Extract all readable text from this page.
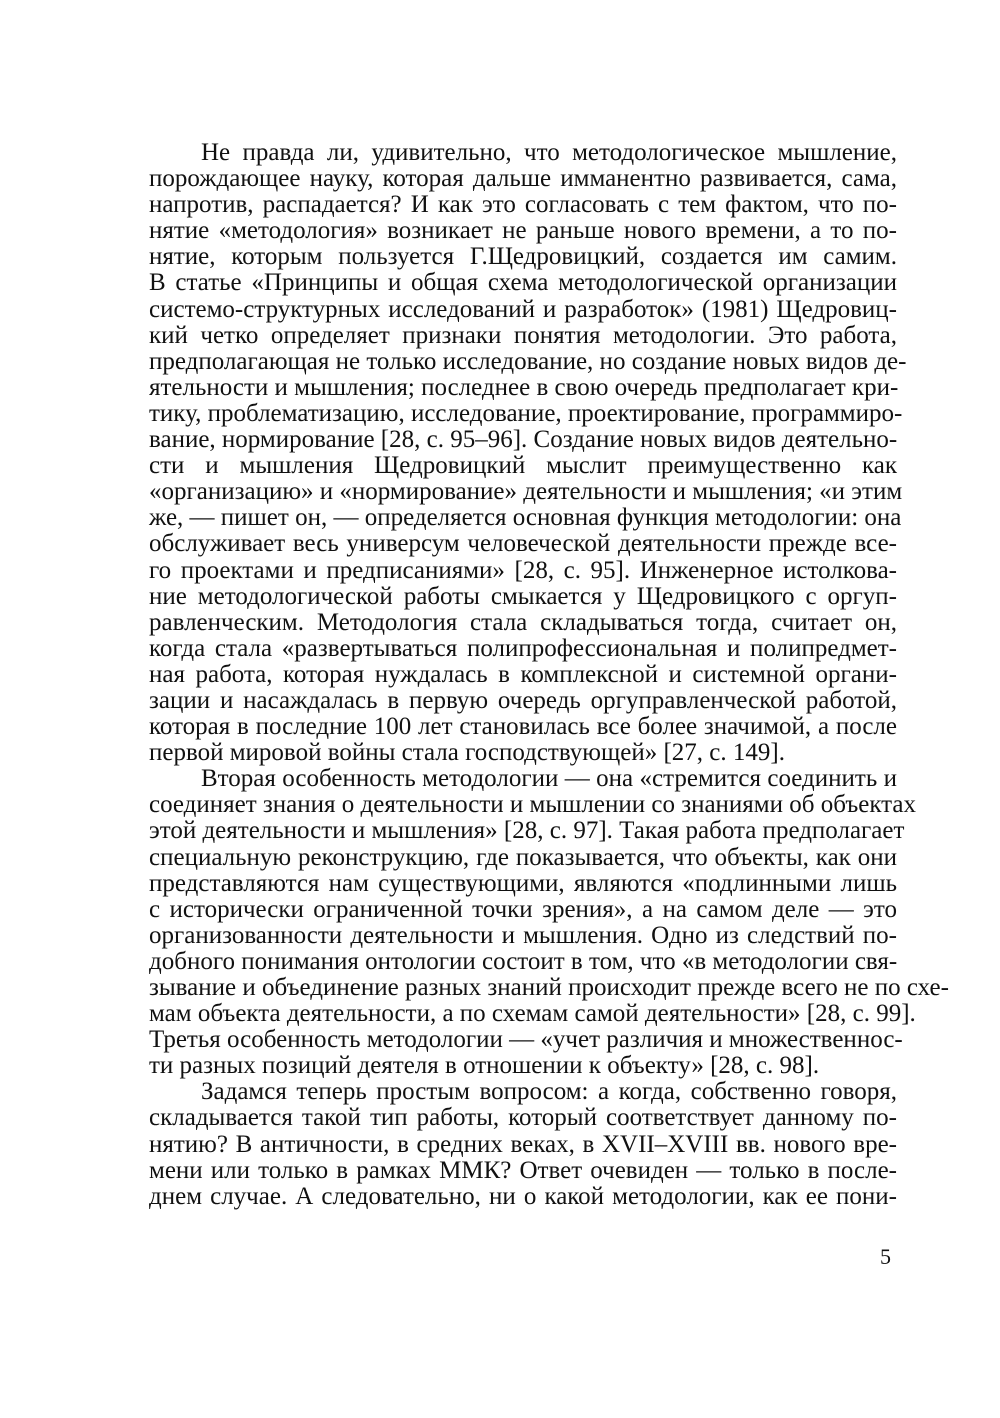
Не правда ли, удивительно, что методологическое мышление,
порождающее науку, которая дальше имманентно развивается, сама,
напротив, распадается? И как это согласовать с тем фактом, что по-
нятие «методология» возникает не раньше нового времени, а то по-
нятие, которым пользуется Г.Щедровицкий, создается им самим.
В статье «Принципы и общая схема методологической организации
системо-структурных исследований и разработок» (1981) Щедровиц-
кий четко определяет признаки понятия методологии. Это работа,
предполагающая не только исследование, но создание новых видов де-
ятельности и мышления; последнее в свою очередь предполагает кри-
тику, проблематизацию, исследование, проектирование, программиро-
вание, нормирование [28, с. 95–96]. Создание новых видов деятельно-
сти и мышления Щедровицкий мыслит преимущественно как
«организацию» и «нормирование» деятельности и мышления; «и этим
же, — пишет он, — определяется основная функция методологии: она
обслуживает весь универсум человеческой деятельности прежде все-
го проектами и предписаниями» [28, с. 95]. Инженерное истолкова-
ние методологической работы смыкается у Щедровицкого с оргуп-
равленческим. Методология стала складываться тогда, считает он,
когда стала «развертываться полипрофессиональная и полипредмет-
ная работа, которая нуждалась в комплексной и системной органи-
зации и насаждалась в первую очередь оргуправленческой работой,
которая в последние 100 лет становилась все более значимой, а после
первой мировой войны стала господствующей» [27, с. 149].
Вторая особенность методологии — она «стремится соединить и
соединяет знания о деятельности и мышлении со знаниями об объектах
этой деятельности и мышления» [28, с. 97]. Такая работа предполагает
специальную реконструкцию, где показывается, что объекты, как они
представляются нам существующими, являются «подлинными лишь
с исторически ограниченной точки зрения», а на самом деле — это
организованности деятельности и мышления. Одно из следствий по-
добного понимания онтологии состоит в том, что «в методологии свя-
зывание и объединение разных знаний происходит прежде всего не по схе-
мам объекта деятельности, а по схемам самой деятельности» [28, с. 99].
Третья особенность методологии — «учет различия и множественнос-
ти разных позиций деятеля в отношении к объекту» [28, с. 98].
Задамся теперь простым вопросом: а когда, собственно говоря,
складывается такой тип работы, который соответствует данному по-
нятию? В античности, в средних веках, в XVII–XVIII вв. нового вре-
мени или только в рамках ММК? Ответ очевиден — только в после-
днем случае. А следовательно, ни о какой методологии, как ее пони-
5
